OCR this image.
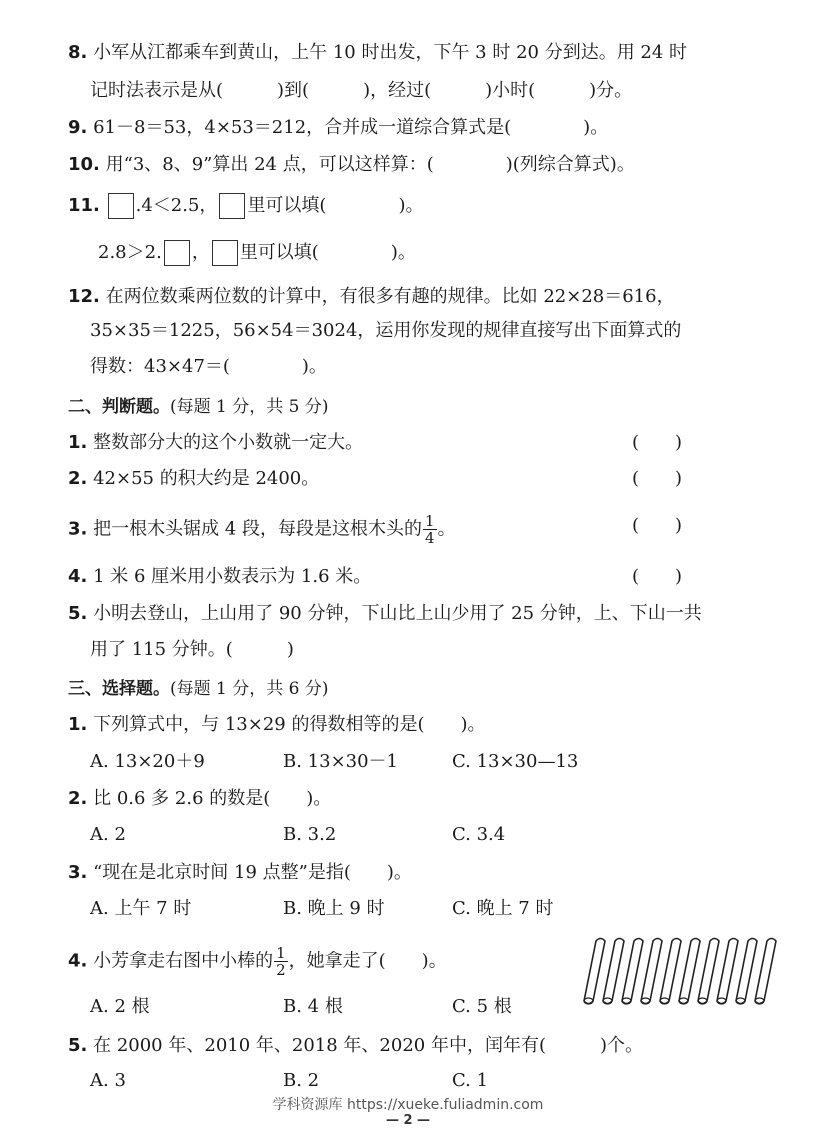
8. 小军从江都乘车到黄山，上午 10 时出发，下午 3 时 20 分到达。用 24 时
记时法表示是从(　　　)到(　　　)，经过(　　　)小时(　　　)分。
9. 61－8＝53，4×53＝212，合并成一道综合算式是(　　　　)。
10. 用“3、8、9”算出 24 点，可以这样算：(　　　　)(列综合算式)。
11. .4＜2.5， 里可以填(　　　　)。
2.8＞2. ， 里可以填(　　　　)。
12. 在两位数乘两位数的计算中，有很多有趣的规律。比如 22×28＝616，
35×35＝1225，56×54＝3024，运用你发现的规律直接写出下面算式的
得数：43×47＝(　　　　)。
二、判断题。(每题 1 分，共 5 分)
1. 整数部分大的这个小数就一定大。	(　　)
2. 42×55 的积大约是 2400。	(　　)
3. 把一根木头锯成 4 段，每段是这根木头的 $\frac{1}{4}$ 。	(　　)
4. 1 米 6 厘米用小数表示为 1.6 米。	(　　)
5. 小明去登山，上山用了 90 分钟，下山比上山少用了 25 分钟，上、下山一共
用了 115 分钟。(　　　)
三、选择题。(每题 1 分，共 6 分)
1. 下列算式中，与 13×29 的得数相等的是(　　)。
A. 13×20＋9	B. 13×30－1	C. 13×30—13
2. 比 0.6 多 2.6 的数是(　　)。
A. 2	B. 3.2	C. 3.4
3. “现在是北京时间 19 点整”是指(　　)。
A. 上午 7 时	B. 晚上 9 时	C. 晚上 7 时
4. 小芳拿走右图中小棒的 $\frac{1}{2}$ ，她拿走了(　　)。
A. 2 根	B. 4 根	C. 5 根
5. 在 2000 年、2010 年、2018 年、2020 年中，闰年有(　　　)个。
A. 3	B. 2	C. 1
学科资源库 https://xueke.fuliadmin.com
— 2 —
